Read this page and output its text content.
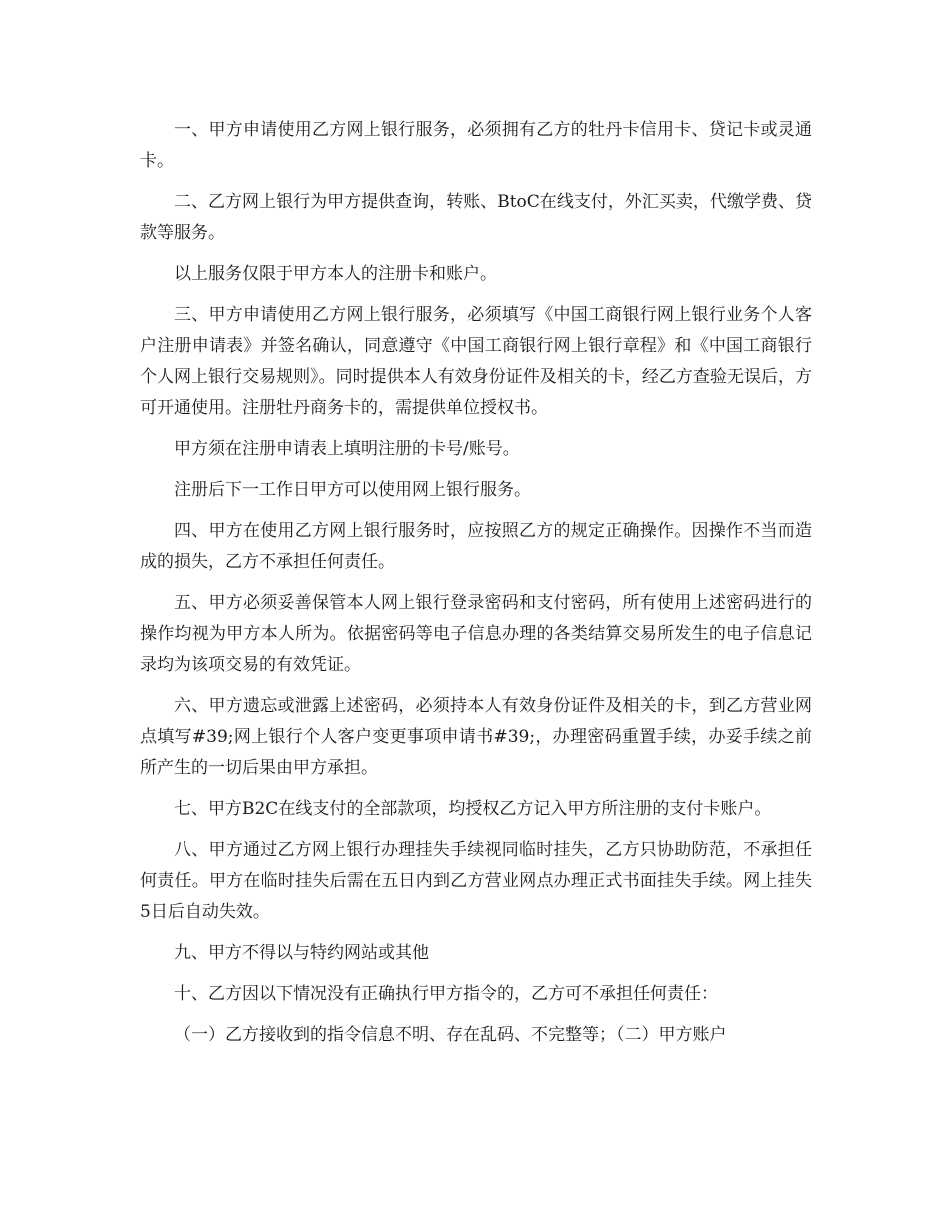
一、甲方申请使用乙方网上银行服务，必须拥有乙方的牡丹卡信用卡、贷记卡或灵通卡。

二、乙方网上银行为甲方提供查询，转账、BtoC在线支付，外汇买卖，代缴学费、贷款等服务。

以上服务仅限于甲方本人的注册卡和账户。

三、甲方申请使用乙方网上银行服务，必须填写《中国工商银行网上银行业务个人客户注册申请表》并签名确认，同意遵守《中国工商银行网上银行章程》和《中国工商银行个人网上银行交易规则》。同时提供本人有效身份证件及相关的卡，经乙方查验无误后，方可开通使用。注册牡丹商务卡的，需提供单位授权书。

甲方须在注册申请表上填明注册的卡号/账号。

注册后下一工作日甲方可以使用网上银行服务。

四、甲方在使用乙方网上银行服务时，应按照乙方的规定正确操作。因操作不当而造成的损失，乙方不承担任何责任。

五、甲方必须妥善保管本人网上银行登录密码和支付密码，所有使用上述密码进行的操作均视为甲方本人所为。依据密码等电子信息办理的各类结算交易所发生的电子信息记录均为该项交易的有效凭证。

六、甲方遗忘或泄露上述密码，必须持本人有效身份证件及相关的卡，到乙方营业网点填写#39;网上银行个人客户变更事项申请书#39;，办理密码重置手续，办妥手续之前所产生的一切后果由甲方承担。

七、甲方B2C在线支付的全部款项，均授权乙方记入甲方所注册的支付卡账户。

八、甲方通过乙方网上银行办理挂失手续视同临时挂失，乙方只协助防范，不承担任何责任。甲方在临时挂失后需在五日内到乙方营业网点办理正式书面挂失手续。网上挂失5日后自动失效。

九、甲方不得以与特约网站或其他

十、乙方因以下情况没有正确执行甲方指令的，乙方可不承担任何责任：

（一）乙方接收到的指令信息不明、存在乱码、不完整等；（二）甲方账户
